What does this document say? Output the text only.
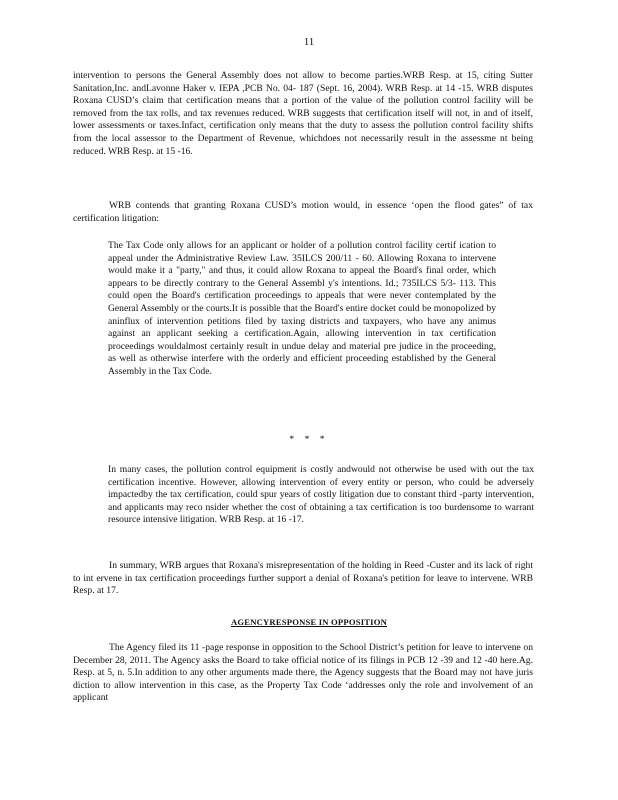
11

intervention to persons the General Assembly does not allow to become parties.WRB Resp. at 15, citing Sutter Sanitation,Inc. andLavonne Haker v. IEPA ,PCB No. 04- 187 (Sept. 16, 2004). WRB Resp. at 14 -15. WRB disputes Roxana CUSD’s claim that certification means that a portion of the value of the pollution control facility will be removed from the tax rolls, and tax revenues reduced. WRB suggests that certification itself will not, in and of itself, lower assessments or taxes.Infact, certification only means that the duty to assess the pollution control facility shifts from the local assessor to the Department of Revenue, whichdoes not necessarily result in the assessme nt being reduced. WRB Resp. at 15 -16.

WRB contends that granting Roxana CUSD’s motion would, in essence ‘open the flood gates” of tax certification litigation:

The Tax Code only allows for an applicant or holder of a pollution control facility certif ication to appeal under the Administrative Review Law. 35ILCS 200/11 - 60. Allowing Roxana to intervene would make it a "party," and thus, it could allow Roxana to appeal the Board's final order, which appears to be directly contrary to the General Assembl y's intentions. Id.; 735ILCS 5/3- 113. This could open the Board's certification proceedings to appeals that were never contemplated by the General Assembly or the courts.It is possible that the Board's entire docket could be monopolized by aninflux of intervention petitions filed by taxing districts and taxpayers, who have any animus against an applicant seeking a certification.Again, allowing intervention in tax certification proceedings wouldalmost certainly result in undue delay and material pre judice in the proceeding, as well as otherwise interfere with the orderly and efficient proceeding established by the General Assembly in the Tax Code.

* * *

In many cases, the pollution control equipment is costly andwould not otherwise be used with out the tax certification incentive. However, allowing intervention of every entity or person, who could be adversely impactedby the tax certification, could spur years of costly litigation due to constant third -party intervention, and applicants may reco nsider whether the cost of obtaining a tax certification is too burdensome to warrant resource intensive litigation. WRB Resp. at 16 -17.

In summary, WRB argues that Roxana's misrepresentation of the holding in Reed -Custer and its lack of right to int ervene in tax certification proceedings further support a denial of Roxana's petition for leave to intervene. WRB Resp. at 17.

AGENCYRESPONSE IN OPPOSITION

The Agency filed its 11 -page response in opposition to the School District’s petition for leave to intervene on December 28, 2011. The Agency asks the Board to take official notice of its filings in PCB 12 -39 and 12 -40 here.Ag. Resp. at 5, n. 5.In addition to any other arguments made there, the Agency suggests that the Board may not have juris diction to allow intervention in this case, as the Property Tax Code ‘addresses only the role and involvement of an applicant
